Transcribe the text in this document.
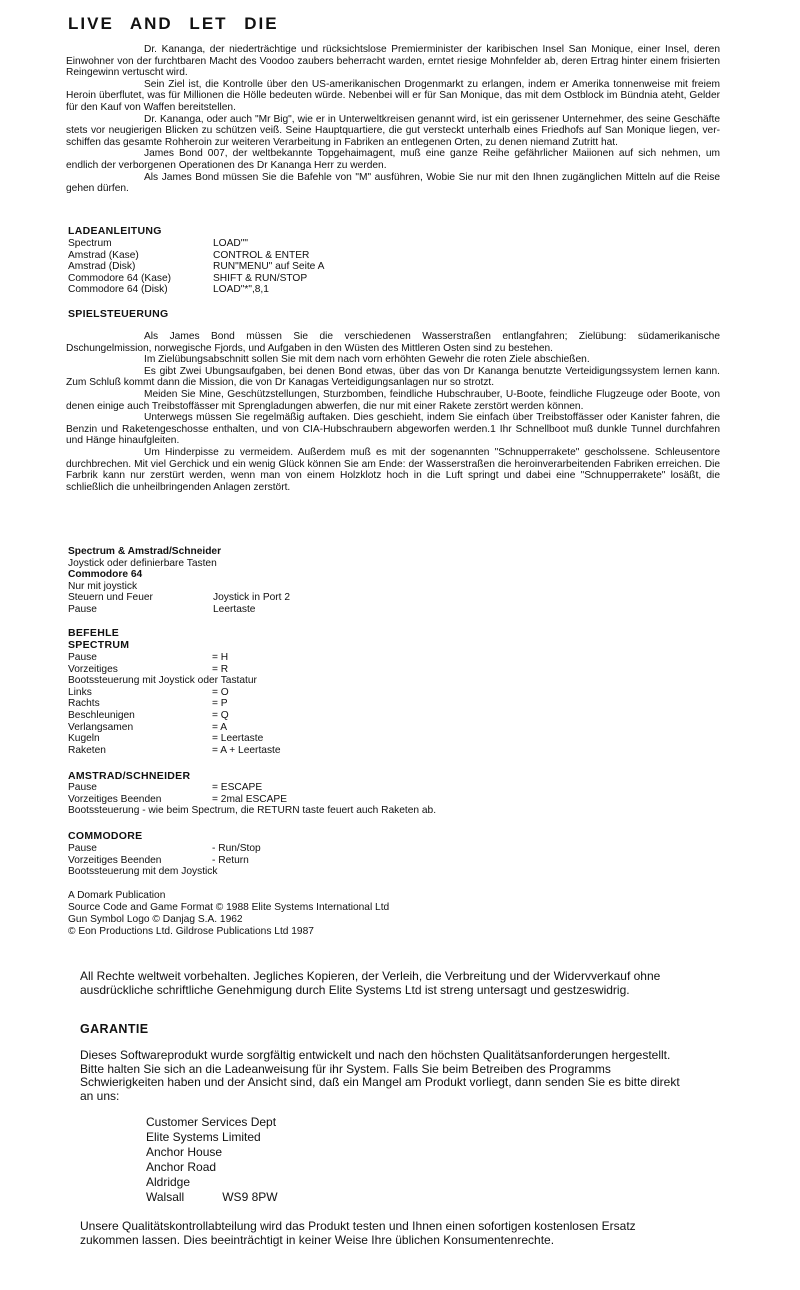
LIVE AND LET DIE

Dr. Kananga, der niederträchtige und rücksichtslose Premierminister der karibischen Insel San Monique, einer Insel, deren Einwohner von der furchtbaren Macht des Voodoo zaubers beherracht warden, erntet riesige Mohnfelder ab, deren Ertrag hinter einem frisierten Reingewinn vertuscht wird.

Sein Ziel ist, die Kontrolle über den US-amerikanischen Drogenmarkt zu erlangen, indem er Amerika tonnenweise mit freiem Heroin überflutet, was für Millionen die Hölle bedeuten würde. Nebenbei will er für San Monique, das mit dem Ostblock im Bündnia ateht, Gelder für den Kauf von Waffen bereitstellen.

Dr. Kananga, oder auch "Mr Big", wie er in Unterweltkreisen genannt wird, ist ein gerissener Unternehmer, des seine Geschäfte stets vor neugierigen Blicken zu schützen veiß. Seine Hauptquartiere, die gut versteckt unterhalb eines Friedhofs auf San Monique liegen, ver-schiffen das gesamte Rohheroin zur weiteren Verarbeitung in Fabriken an entlegenen Orten, zu denen niemand Zutritt hat.

James Bond 007, der weltbekannte Topgehaimagent, muß eine ganze Reihe gefährlicher Maiionen auf sich nehmen, um endlich der verborgenen Operationen des Dr Kananga Herr zu werden.

Als James Bond müssen Sie die Bafehle von "M" ausführen, Wobie Sie nur mit den Ihnen zugänglichen Mitteln auf die Reise gehen dürfen.

LADEANLEITUNG
Spectrum	LOAD""
Amstrad (Kase)	CONTROL & ENTER
Amstrad (Disk)	RUN"MENU" auf Seite A
Commodore 64 (Kase)	SHIFT & RUN/STOP
Commodore 64 (Disk)	LOAD"*",8,1
SPIELSTEUERUNG

Als James Bond müssen Sie die verschiedenen Wasserstraßen entlangfahren; Zielübung: südamerikanische Dschungelmission, norwegische Fjords, und Aufgaben in den Wüsten des Mittleren Osten sind zu bestehen.

Im Zielübungsabschnitt sollen Sie mit dem nach vorn erhöhten Gewehr die roten Ziele abschießen.

Es gibt Zwei Ubungsaufgaben, bei denen Bond etwas, über das von Dr Kananga benutzte Verteidigungssystem lernen kann. Zum Schluß kommt dann die Mission, die von Dr Kanagas Verteidigungsanlagen nur so strotzt.

Meiden Sie Mine, Geschützstellungen, Sturzbomben, feindliche Hubschrauber, U-Boote, feindliche Flugzeuge oder Boote, von denen einige auch Treibstoffässer mit Sprengladungen abwerfen, die nur mit einer Rakete zerstört werden können.

Unterwegs müssen Sie regelmäßig auftaken. Dies geschieht, indem Sie einfach über Treibstoffässer oder Kanister fahren, die Benzin und Raketengeschosse enthalten, und von CIA-Hubschraubern abgeworfen werden.1 Ihr Schnellboot muß dunkle Tunnel durchfahren und Hänge hinaufgleiten.

Um Hinderpisse zu vermeidem. Außerdem muß es mit der sogenannten "Schnupperrakete" gescholssene. Schleusentore durchbrechen. Mit viel Gerchick und ein wenig Glück können Sie am Ende: der Wasserstraßen die heroinverarbeitenden Fabriken erreichen. Die Farbrik kann nur zerstürt werden, wenn man von einem Holzklotz hoch in die Luft springt und dabei eine "Schnupperrakete" losäßt, die schließlich die unheilbringenden Anlagen zerstört.

Spectrum & Amstrad/Schneider
Joystick oder definierbare Tasten
Commodore 64
Nur mit joystick
Steuern und Feuer	Joystick in Port 2
Pause	Leertaste
BEFEHLE
SPECTRUM
Pause	= H
Vorzeitiges	= R
Bootssteuerung mit Joystick oder Tastatur
Links	= O
Rachts	= P
Beschleunigen	= Q
Verlangsamen	= A
Kugeln	= Leertaste
Raketen	= A + Leertaste
AMSTRAD/SCHNEIDER
Pause	= ESCAPE
Vorzeitiges Beenden	= 2mal ESCAPE
Bootssteuerung - wie beim Spectrum, die RETURN taste feuert auch Raketen ab.
COMMODORE
Pause	- Run/Stop
Vorzeitiges Beenden	- Return
Bootssteuerung mit dem Joystick
A Domark Publication
Source Code and Game Format © 1988 Elite Systems International Ltd
Gun Symbol Logo © Danjag S.A. 1962
© Eon Productions Ltd. Gildrose Publications Ltd 1987
All Rechte weltweit vorbehalten. Jegliches Kopieren, der Verleih, die Verbreitung und der Widervverkauf ohne ausdrückliche schriftliche Genehmigung durch Elite Systems Ltd ist streng untersagt und gestzeswidrig.
GARANTIE
Dieses Softwareprodukt wurde sorgfältig entwickelt und nach den höchsten Qualitätsanforderungen hergestellt. Bitte halten Sie sich an die Ladeanweisung für ihr System. Falls Sie beim Betreiben des Programms Schwierigkeiten haben und der Ansicht sind, daß ein Mangel am Produkt vorliegt, dann senden Sie es bitte direkt an uns:
Customer Services Dept
Elite Systems Limited
Anchor House
Anchor Road
Aldridge
Walsall	WS9 8PW
Unsere Qualitätskontrollabteilung wird das Produkt testen und Ihnen einen sofortigen kostenlosen Ersatz zukommen lassen. Dies beeinträchtigt in keiner Weise Ihre üblichen Konsumentenrechte.
